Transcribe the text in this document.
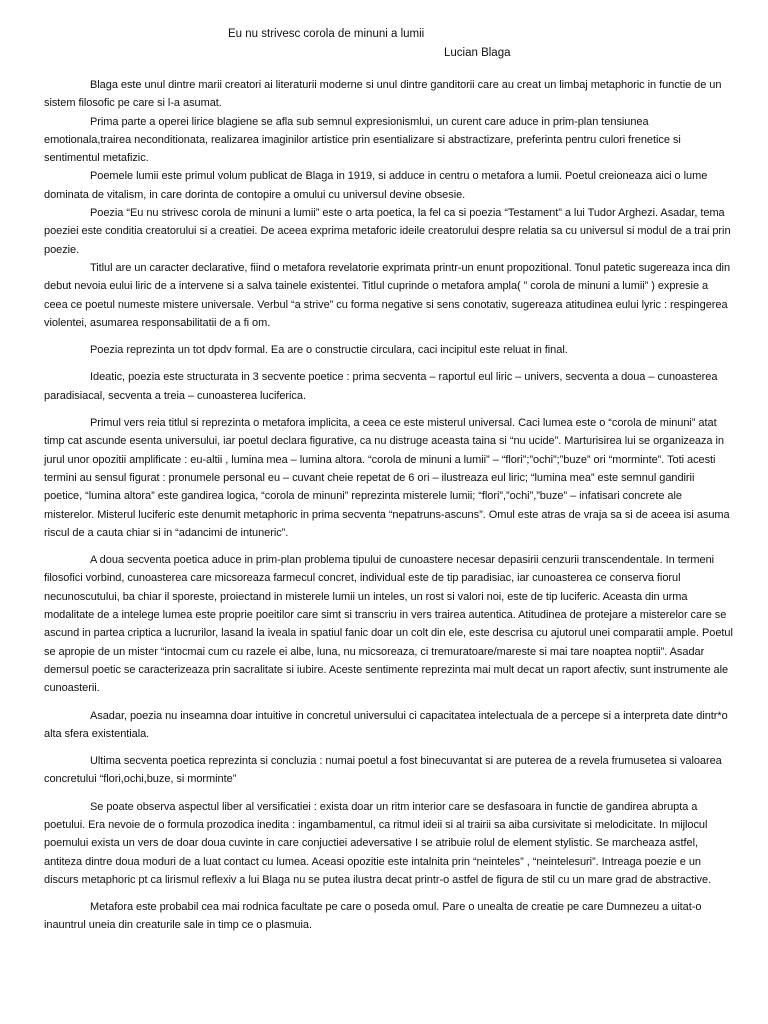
Eu nu strivesc corola de minuni a lumii
Lucian Blaga

Blaga este unul dintre marii creatori ai literaturii moderne si unul dintre ganditorii care au creat un limbaj metaphoric in functie de un sistem filosofic pe care si l-a asumat.

Prima parte a operei lirice blagiene se afla sub semnul expresionismlui, un curent care aduce in prim-plan tensiunea emotionala,trairea neconditionata, realizarea imaginilor artistice prin esentializare si abstractizare, preferinta pentru culori frenetice si sentimentul metafizic.

Poemele lumii este primul volum publicat de Blaga in 1919, si adduce in centru o metafora a lumii. Poetul creioneaza aici o lume dominata de vitalism, in care dorinta de contopire a omului cu universul devine obsesie.

Poezia “Eu nu strivesc corola de minuni a lumii” este o arta poetica, la fel ca si poezia “Testament” a lui Tudor Arghezi. Asadar, tema poeziei este conditia creatorului si a creatiei. De aceea exprima metaforic ideile creatorului despre relatia sa cu universul si modul de a trai prin poezie.

Titlul are un caracter declarative, fiind o metafora revelatorie exprimata printr-un enunt propozitional. Tonul patetic sugereaza inca din debut nevoia eului liric de a intervene si a salva tainele existentei. Titlul cuprinde o metafora ampla( ” corola de minuni a lumii” ) expresie a ceea ce poetul numeste mistere universale. Verbul “a strive” cu forma negative si sens conotativ, sugereaza atitudinea eului lyric : respingerea violentei, asumarea responsabilitatii de a fi om.

Poezia reprezinta un tot dpdv formal. Ea are o constructie circulara, caci incipitul este reluat in final.

Ideatic, poezia este structurata in 3 secvente poetice : prima secventa – raportul eul liric – univers, secventa a doua – cunoasterea paradisiacal, secventa a treia – cunoasterea luciferica.

Primul vers reia titlul si reprezinta o metafora implicita, a ceea ce este misterul universal. Caci lumea este o “corola de minuni” atat timp cat ascunde esenta universului, iar poetul declara figurative, ca nu distruge aceasta taina si “nu ucide”. Marturisirea lui se organizeaza in jurul unor opozitii amplificate : eu-altii , lumina mea – lumina altora. “corola de minuni a lumii” – “flori”;”ochi”;”buze” ori “morminte”. Toti acesti termini au sensul figurat : pronumele personal eu – cuvant cheie repetat de 6 ori – ilustreaza eul liric; “lumina mea” este semnul gandirii poetice, “lumina altora” este gandirea logica, “corola de minuni” reprezinta misterele lumii; “flori”,”ochi”,”buze” – infatisari concrete ale misterelor. Misterul luciferic este denumit metaphoric in prima secventa “nepatruns-ascuns”. Omul este atras de vraja sa si de aceea isi asuma riscul de a cauta chiar si in “adancimi de intuneric”.

A doua secventa poetica aduce in prim-plan problema tipului de cunoastere necesar depasirii cenzurii transcendentale. In termeni filosofici vorbind, cunoasterea care micsoreaza farmecul concret, individual este de tip paradisiac, iar cunoasterea ce conserva fiorul necunoscutului, ba chiar il sporeste, proiectand in misterele lumii un inteles, un rost si valori noi, este de tip luciferic. Aceasta din urma modalitate de a intelege lumea este proprie poeitilor care simt si transcriu in vers trairea autentica. Atitudinea de protejare a misterelor care se ascund in partea criptica a lucrurilor, lasand la iveala in spatiul fanic doar un colt din ele, este descrisa cu ajutorul unei comparatii ample. Poetul se apropie de un mister “intocmai cum cu razele ei albe, luna, nu micsoreaza, ci tremuratoare/mareste si mai tare noaptea noptii”. Asadar demersul poetic se caracterizeaza prin sacralitate si iubire. Aceste sentimente reprezinta mai mult decat un raport afectiv, sunt instrumente ale cunoasterii.

Asadar, poezia nu inseamna doar intuitive in concretul universului ci capacitatea intelectuala de a percepe si a interpreta date dintr*o alta sfera existentiala.

Ultima secventa poetica reprezinta si concluzia : numai poetul a fost binecuvantat si are puterea de a revela frumusetea si valoarea concretului “flori,ochi,buze, si morminte”

Se poate observa aspectul liber al versificatiei : exista doar un ritm interior care se desfasoara in functie de gandirea abrupta a poetului. Era nevoie de o formula prozodica inedita : ingambamentul, ca ritmul ideii si al trairii sa aiba cursivitate si melodicitate. In mijlocul poemului exista un vers de doar doua cuvinte in care conjuctiei adeversative I se atribuie rolul de element stylistic. Se marcheaza astfel, antiteza dintre doua moduri de a luat contact cu lumea. Aceasi opozitie este intalnita prin “neinteles” , “neintelesuri”. Intreaga poezie e un discurs metaphoric pt ca lirismul reflexiv a lui Blaga nu se putea ilustra decat printr-o astfel de figura de stil cu un mare grad de abstractive.

Metafora este probabil cea mai rodnica facultate pe care o poseda omul. Pare o unealta de creatie pe care Dumnezeu a uitat-o inauntrul uneia din creaturile sale in timp ce o plasmuia.
